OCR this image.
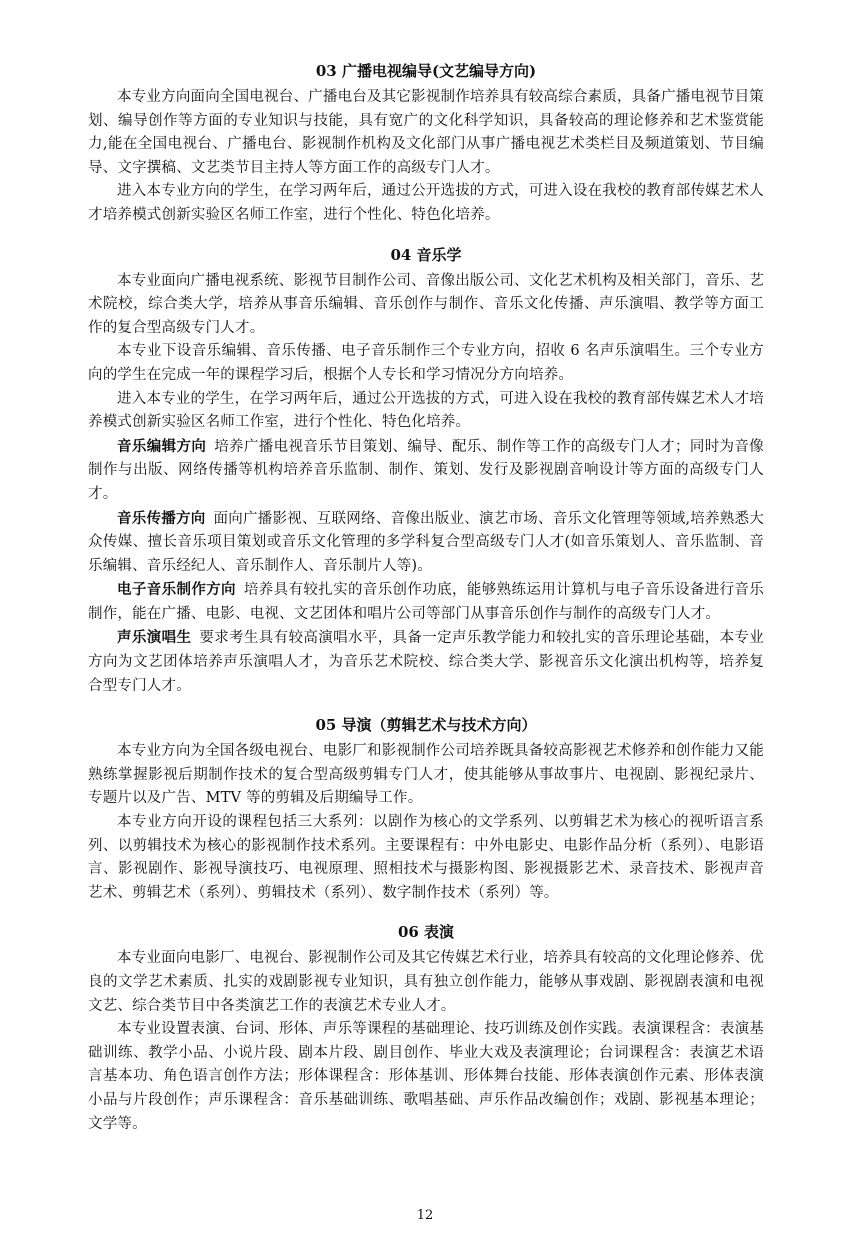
03 广播电视编导(文艺编导方向)

本专业方向面向全国电视台、广播电台及其它影视制作培养具有较高综合素质，具备广播电视节目策划、编导创作等方面的专业知识与技能，具有宽广的文化科学知识，具备较高的理论修养和艺术鉴赏能力,能在全国电视台、广播电台、影视制作机构及文化部门从事广播电视艺术类栏目及频道策划、节目编导、文字撰稿、文艺类节目主持人等方面工作的高级专门人才。

进入本专业方向的学生，在学习两年后，通过公开选拔的方式，可进入设在我校的教育部传媒艺术人才培养模式创新实验区名师工作室，进行个性化、特色化培养。

04 音乐学

本专业面向广播电视系统、影视节目制作公司、音像出版公司、文化艺术机构及相关部门，音乐、艺术院校，综合类大学，培养从事音乐编辑、音乐创作与制作、音乐文化传播、声乐演唱、教学等方面工作的复合型高级专门人才。

本专业下设音乐编辑、音乐传播、电子音乐制作三个专业方向，招收 6 名声乐演唱生。三个专业方向的学生在完成一年的课程学习后，根据个人专长和学习情况分方向培养。

进入本专业的学生，在学习两年后，通过公开选拔的方式，可进入设在我校的教育部传媒艺术人才培养模式创新实验区名师工作室，进行个性化、特色化培养。

音乐编辑方向 培养广播电视音乐节目策划、编导、配乐、制作等工作的高级专门人才；同时为音像制作与出版、网络传播等机构培养音乐监制、制作、策划、发行及影视剧音响设计等方面的高级专门人才。

音乐传播方向 面向广播影视、互联网络、音像出版业、演艺市场、音乐文化管理等领域,培养熟悉大众传媒、擅长音乐项目策划或音乐文化管理的多学科复合型高级专门人才(如音乐策划人、音乐监制、音乐编辑、音乐经纪人、音乐制作人、音乐制片人等)。

电子音乐制作方向 培养具有较扎实的音乐创作功底，能够熟练运用计算机与电子音乐设备进行音乐制作，能在广播、电影、电视、文艺团体和唱片公司等部门从事音乐创作与制作的高级专门人才。

声乐演唱生 要求考生具有较高演唱水平，具备一定声乐教学能力和较扎实的音乐理论基础，本专业方向为文艺团体培养声乐演唱人才，为音乐艺术院校、综合类大学、影视音乐文化演出机构等，培养复合型专门人才。

05 导演（剪辑艺术与技术方向）

本专业方向为全国各级电视台、电影厂和影视制作公司培养既具备较高影视艺术修养和创作能力又能熟练掌握影视后期制作技术的复合型高级剪辑专门人才，使其能够从事故事片、电视剧、影视纪录片、专题片以及广告、MTV 等的剪辑及后期编导工作。

本专业方向开设的课程包括三大系列：以剧作为核心的文学系列、以剪辑艺术为核心的视听语言系列、以剪辑技术为核心的影视制作技术系列。主要课程有：中外电影史、电影作品分析（系列）、电影语言、影视剧作、影视导演技巧、电视原理、照相技术与摄影构图、影视摄影艺术、录音技术、影视声音艺术、剪辑艺术（系列）、剪辑技术（系列）、数字制作技术（系列）等。

06 表演

本专业面向电影厂、电视台、影视制作公司及其它传媒艺术行业，培养具有较高的文化理论修养、优良的文学艺术素质、扎实的戏剧影视专业知识，具有独立创作能力，能够从事戏剧、影视剧表演和电视文艺、综合类节目中各类演艺工作的表演艺术专业人才。

本专业设置表演、台词、形体、声乐等课程的基础理论、技巧训练及创作实践。表演课程含：表演基础训练、教学小品、小说片段、剧本片段、剧目创作、毕业大戏及表演理论；台词课程含：表演艺术语言基本功、角色语言创作方法；形体课程含：形体基训、形体舞台技能、形体表演创作元素、形体表演小品与片段创作；声乐课程含：音乐基础训练、歌唱基础、声乐作品改编创作；戏剧、影视基本理论；文学等。

12
